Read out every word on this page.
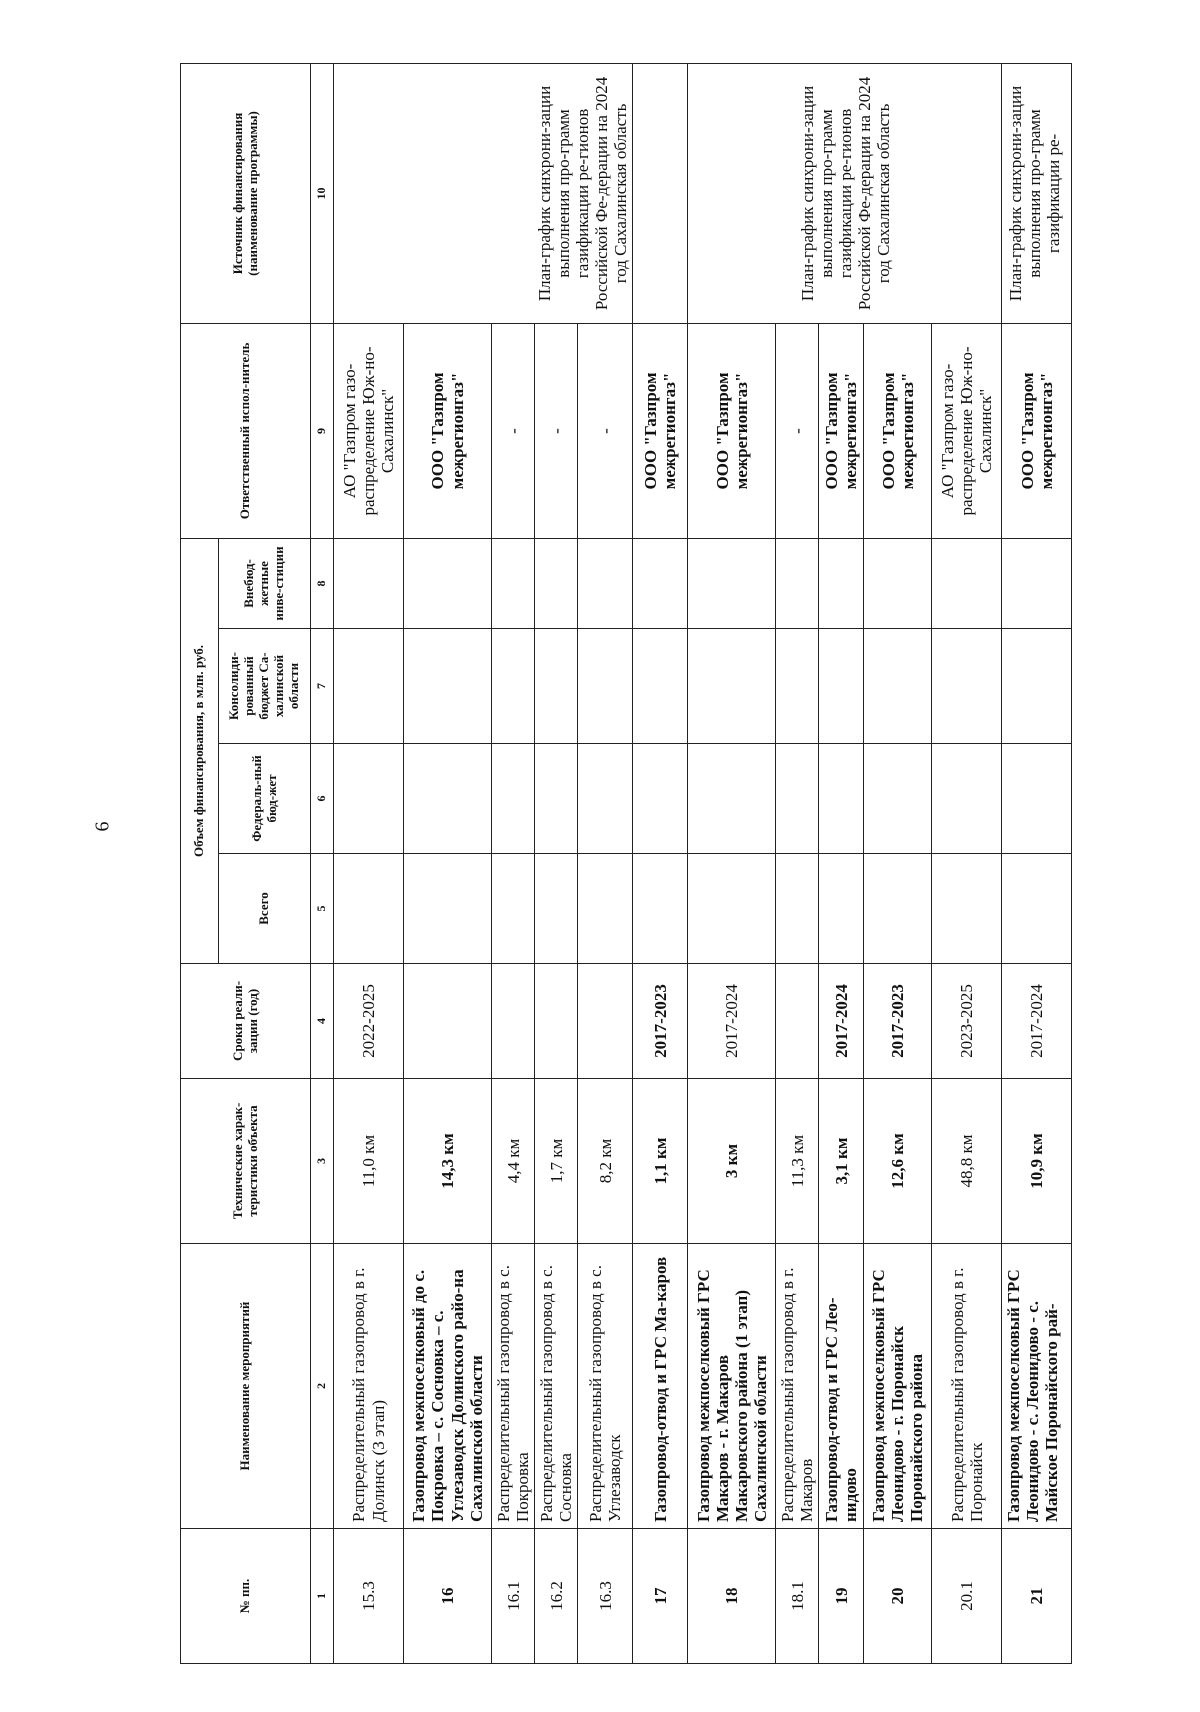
6
№ пп.	Наименование мероприятий	Технические харак-теристики объекта	Сроки реали-зации (год)	Объем финансирования, в млн. руб.				Ответственный испол-нитель	Источник финансирования (наименование программы)
				Всего	Федераль-ный бюд-жет	Консолиди-рованный бюджет Са-халинской области	Внебюд-жетные инве-стиции		
1	2	3	4	5	6	7	8	9	10
15.3	Распределительный газопровод в г. Долинск (3 этап)	11,0 км	2022-2025					АО "Газпром газо-распределение Юж-но-Сахалинск"	План-график синхрони-зации выполнения про-грамм газификации ре-гионов Российской Фе-дерации на 2024 год Сахалинская область
16	Газопровод межпоселковый до с. Покровка – с. Сосновка – с. Углезаводск Долинского райо-на Сахалинской области	14,3 км						ООО "Газпром межрегионгаз"	
16.1	Распределительный газопровод в с. Покровка	4,4 км						-	
16.2	Распределительный газопровод в с. Сосновка	1,7 км						-	
16.3	Распределительный газопровод в с. Углезаводск	8,2 км						-	
17	Газопровод-отвод и ГРС Ма-каров	1,1 км	2017-2023					ООО "Газпром межрегионгаз"	
18	Газопровод межпоселковый ГРС Макаров - г. Макаров Макаровского района (1 этап) Сахалинской области	3 км	2017-2024					ООО "Газпром межрегионгаз"	План-график синхрони-зации выполнения про-грамм газификации ре-гионов Российской Фе-дерации на 2024 год Сахалинская область
18.1	Распределительный газопровод в г. Макаров	11,3 км						-	
19	Газопровод-отвод и ГРС Лео-нидово	3,1 км	2017-2024					ООО "Газпром межрегионгаз"	
20	Газопровод межпоселковый ГРС Леонидово - г. Поронайск Поронайского района	12,6 км	2017-2023					ООО "Газпром межрегионгаз"	
20.1	Распределительный газопровод в г. Поронайск	48,8 км	2023-2025					АО "Газпром газо-распределение Юж-но-Сахалинск"	
21	Газопровод межпоселковый ГРС Леонидово - с. Леонидово - с. Майское Поронайского рай-	10,9 км	2017-2024					ООО "Газпром межрегионгаз"	План-график синхрони-зации выполнения про-грамм газификации ре-
